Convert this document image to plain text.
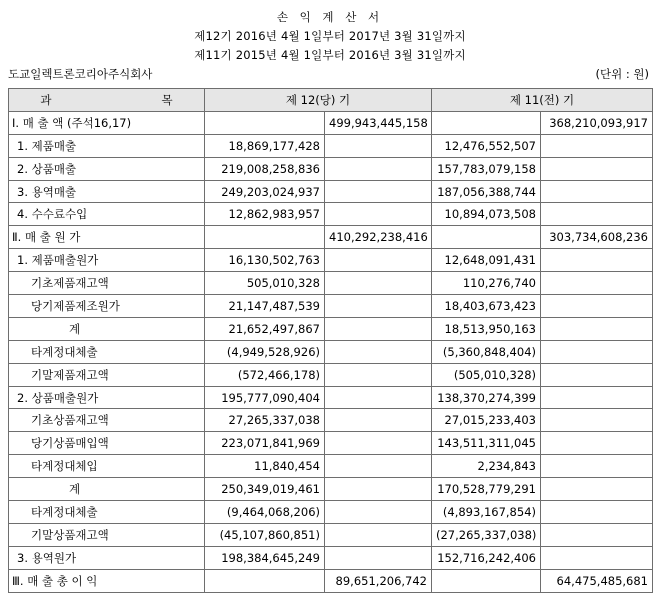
손 익 계 산 서
제12기 2016년 4월 1일부터 2017년 3월 31일까지
제11기 2015년 4월 1일부터 2016년 3월 31일까지
도교일렉트론코리아주식회사	(단위 : 원)
과 목	제 12(당) 기		제 11(전) 기	
Ⅰ. 매 출 액 (주석16,17)		499,943,445,158		368,210,093,917
1. 제품매출	18,869,177,428		12,476,552,507	
2. 상품매출	219,008,258,836		157,783,079,158	
3. 용역매출	249,203,024,937		187,056,388,744	
4. 수수료수입	12,862,983,957		10,894,073,508	
Ⅱ. 매 출 원 가		410,292,238,416		303,734,608,236
1. 제품매출원가	16,130,502,763		12,648,091,431	
기초제품재고액	505,010,328		110,276,740	
당기제품제조원가	21,147,487,539		18,403,673,423	
계	21,652,497,867		18,513,950,163	
타계정대체출	(4,949,528,926)		(5,360,848,404)	
기말제품재고액	(572,466,178)		(505,010,328)	
2. 상품매출원가	195,777,090,404		138,370,274,399	
기초상품재고액	27,265,337,038		27,015,233,403	
당기상품매입액	223,071,841,969		143,511,311,045	
타계정대체입	11,840,454		2,234,843	
계	250,349,019,461		170,528,779,291	
타계정대체출	(9,464,068,206)		(4,893,167,854)	
기말상품재고액	(45,107,860,851)		(27,265,337,038)	
3. 용역원가	198,384,645,249		152,716,242,406	
Ⅲ. 매 출 총 이 익		89,651,206,742		64,475,485,681
